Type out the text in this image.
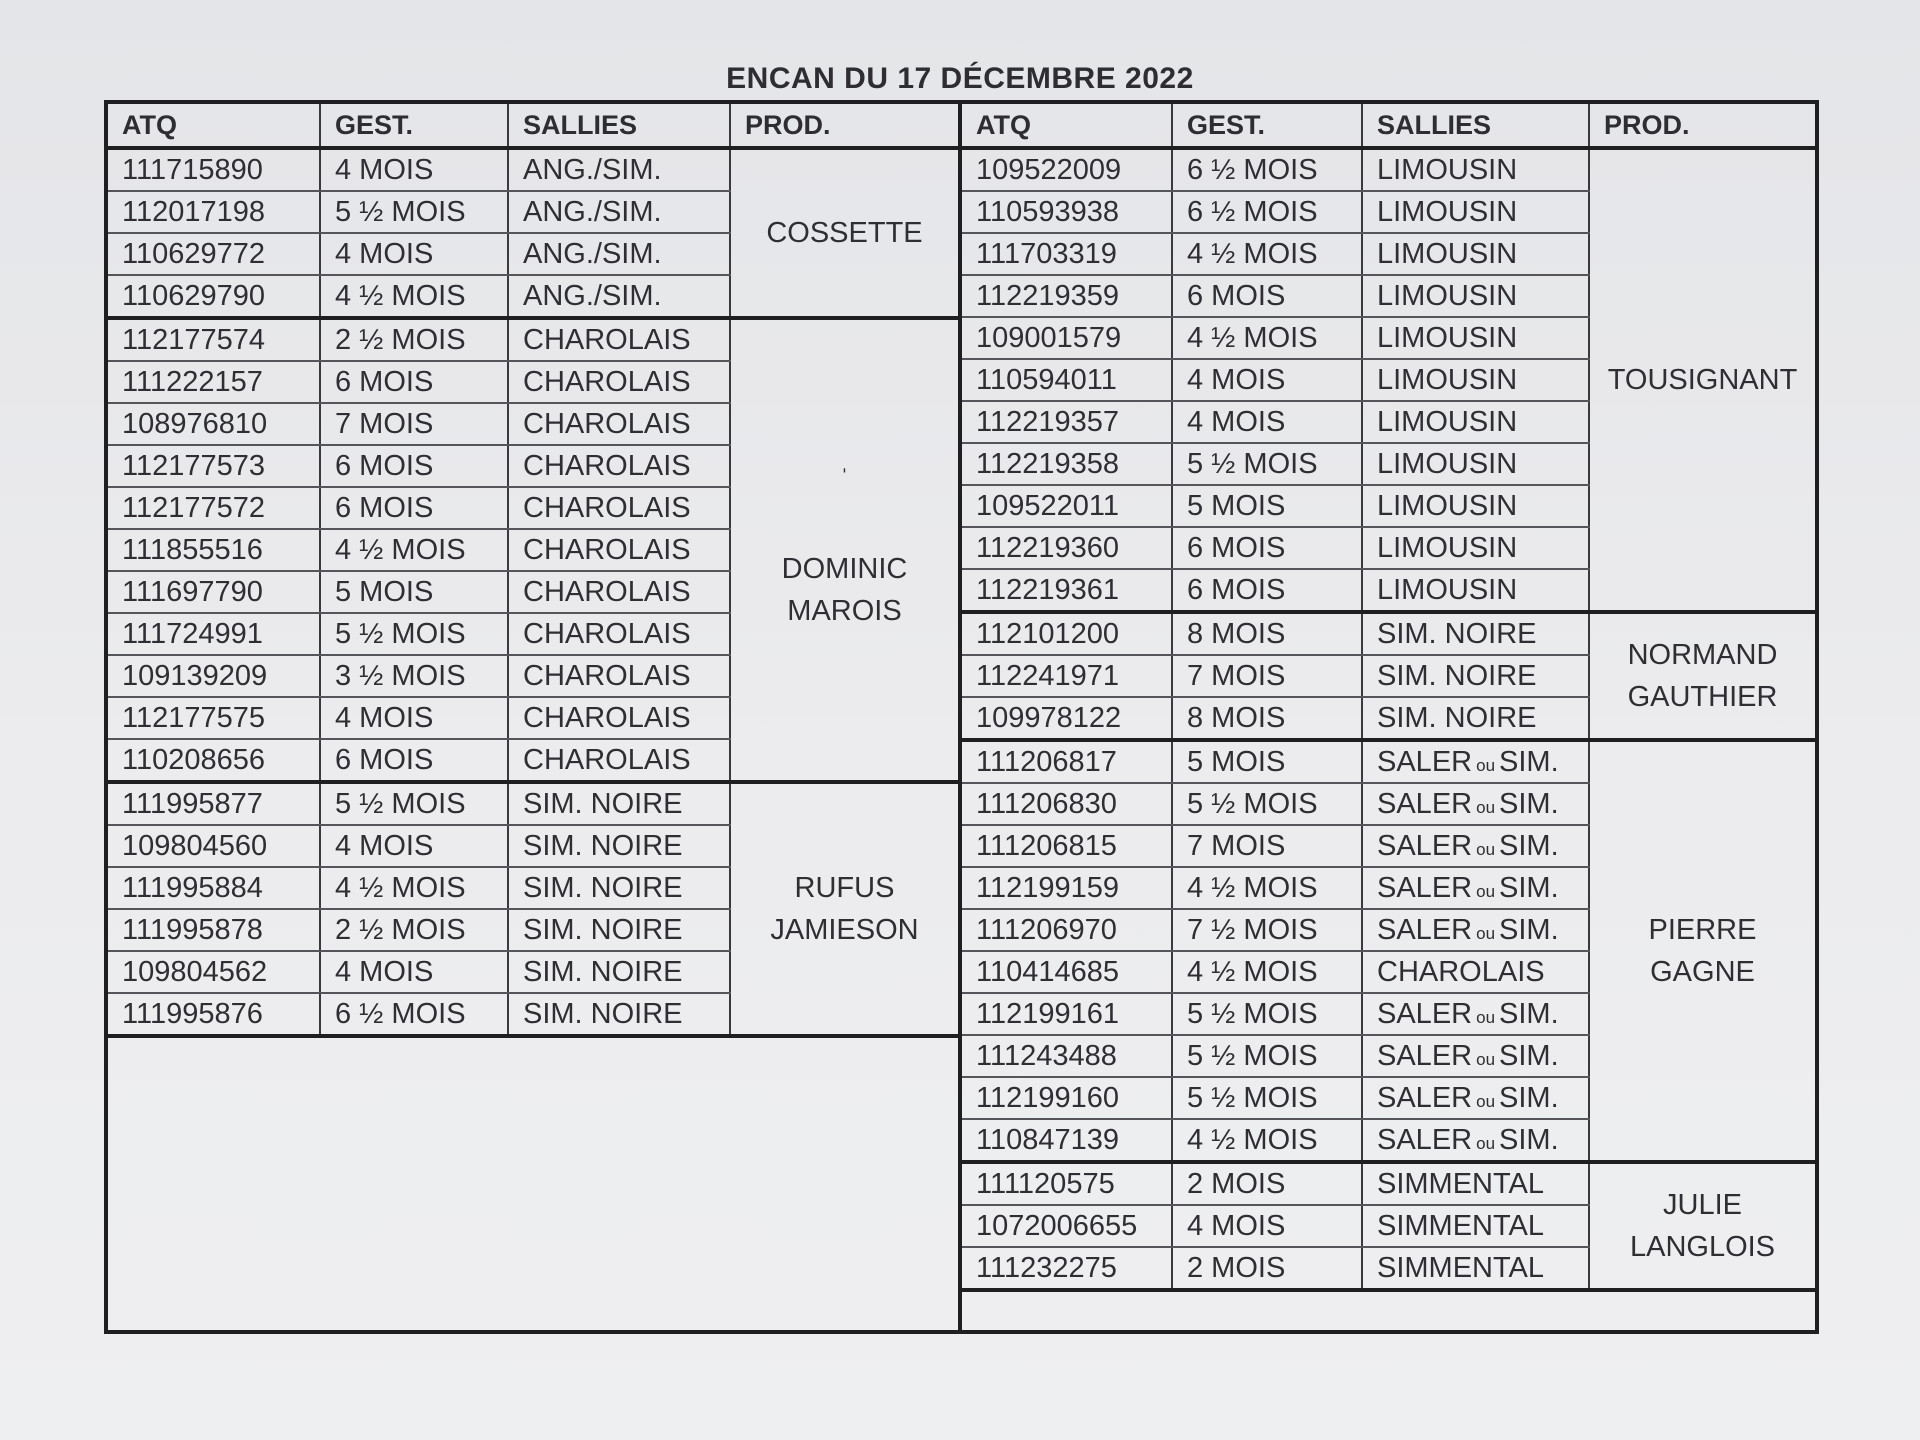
ENCAN DU 17 DÉCEMBRE 2022
ATQ	GEST.	SALLIES	PROD.
111715890	4 MOIS	ANG./SIM.	COSSETTE

112017198	5 ½ MOIS	ANG./SIM.	
110629772	4 MOIS	ANG./SIM.	
110629790	4 ½ MOIS	ANG./SIM.	
112177574	2 ½ MOIS	CHAROLAIS	ˈ
DOMINIC
MAROIS

111222157	6 MOIS	CHAROLAIS	
108976810	7 MOIS	CHAROLAIS	
112177573	6 MOIS	CHAROLAIS	
112177572	6 MOIS	CHAROLAIS	
111855516	4 ½ MOIS	CHAROLAIS	
111697790	5 MOIS	CHAROLAIS	
111724991	5 ½ MOIS	CHAROLAIS	
109139209	3 ½ MOIS	CHAROLAIS	
112177575	4 MOIS	CHAROLAIS	
110208656	6 MOIS	CHAROLAIS	
111995877	5 ½ MOIS	SIM. NOIRE	RUFUS
JAMIESON

109804560	4 MOIS	SIM. NOIRE	
111995884	4 ½ MOIS	SIM. NOIRE	
111995878	2 ½ MOIS	SIM. NOIRE	
109804562	4 MOIS	SIM. NOIRE	
111995876	6 ½ MOIS	SIM. NOIRE	
ATQ	GEST.	SALLIES	PROD.
109522009	6 ½ MOIS	LIMOUSIN	TOUSIGNANT

110593938	6 ½ MOIS	LIMOUSIN	
111703319	4 ½ MOIS	LIMOUSIN	
112219359	6 MOIS	LIMOUSIN	
109001579	4 ½ MOIS	LIMOUSIN	
110594011	4 MOIS	LIMOUSIN	
112219357	4 MOIS	LIMOUSIN	
112219358	5 ½ MOIS	LIMOUSIN	
109522011	5 MOIS	LIMOUSIN	
112219360	6 MOIS	LIMOUSIN	
112219361	6 MOIS	LIMOUSIN	
112101200	8 MOIS	SIM. NOIRE	NORMAND
GAUTHIER

112241971	7 MOIS	SIM. NOIRE	
109978122	8 MOIS	SIM. NOIRE	
111206817	5 MOIS	SALER ou SIM.	PIERRE
GAGNE

111206830	5 ½ MOIS	SALER ou SIM.	
111206815	7 MOIS	SALER ou SIM.	
112199159	4 ½ MOIS	SALER ou SIM.	
111206970	7 ½ MOIS	SALER ou SIM.	
110414685	4 ½ MOIS	CHAROLAIS	
112199161	5 ½ MOIS	SALER ou SIM.	
111243488	5 ½ MOIS	SALER ou SIM.	
112199160	5 ½ MOIS	SALER ou SIM.	
110847139	4 ½ MOIS	SALER ou SIM.	
111120575	2 MOIS	SIMMENTAL	JULIE
LANGLOIS

1072006655	4 MOIS	SIMMENTAL	
111232275	2 MOIS	SIMMENTAL	
